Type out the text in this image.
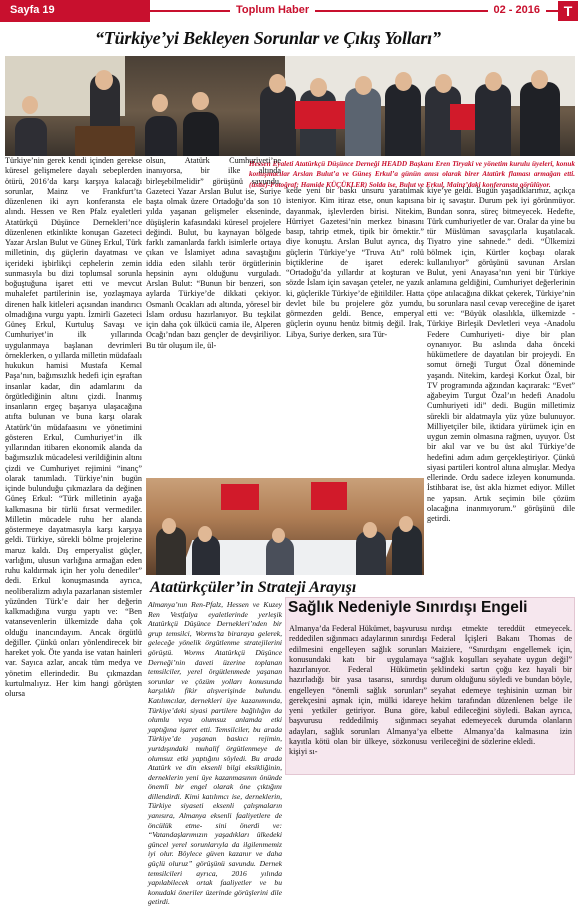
Sayfa 19	Toplum Haber	02 - 2016	T
“Türkiye’yi Bekleyen Sorunlar ve Çıkış Yolları”

Hessen Eyaleti Atatürkçü Düşünce Derneği HEADD Başkanı Eren Tiryaki ve yönetim kurulu üyeleri, konuk konuşmacılar Arslan Bulut’a ve Güneş Erkul’a günün anısı olarak birer Atatürk flaması armağan etti. (üstte)-Fotoğraf: Hamide KÜÇÜKLER) Solda ise, Bulut ve Erkul, Mainz’daki konferansta görülüyor.

Türkiye’nin gerek kendi içinden gerekse küresel gelişmelere dayalı sebeplerden ötürü, 2016’da karşı karşıya kalacağı sorunlar, Mainz ve Frankfurt’ta düzenlenen iki ayrı konferansta ele alındı. Hessen ve Ren Pfalz eyaletleri Atatürkçü Düşünce Dernekleri’nce düzenlenen etkinlikte konuşan Gazeteci Yazar Arslan Bulut ve Güneş Erkul, Türk milletinin, dış güçlerin dayatması ve içerideki işbirlikçi cephelerin zemin sunmasıyla bu dizi toplumsal sorunla boğuştuğuna işaret etti ve mevcut muhalefet partilerinin ise, yozlaşmaya direnen halk kitleleri açısından inandırıcı olmadığına vurgu yaptı. İzmirli Gazeteci Güneş Erkul, Kurtuluş Savaşı ve Cumhuriyet’in ilk yıllarında uygulanmaya başlanan devrimleri örneklerken, o yıllarda milletin müdafaalı hukukun hamisi Mustafa Kemal Paşa’nın, bağımsızlık hedefi için eşraftan insanlar kadar, din adamlarını da örgütlediğinin altını çizdi. İnanmış insanların ergeç başarıya ulaşacağına atıfta bulunan ve buna karşı olarak Atatürk’ün müdafaasını ve yönetimini gösteren Erkul, Cumhuriyet’in ilk yıllarından itibaren ekonomik alanda da bağımsızlık mücadelesi verildiğinin altını çizdi ve Cumhuriyet rejimini “inanç” olarak tanımladı. Türkiye’nin bugün içinde bulunduğu çıkmazlara da değinen Güneş Erkul: “Türk milletinin ayağa kalkmasına bir türlü fırsat vermediler. Milletin mücadele ruhu her alanda göstermeye dayatmasıyla karşı karşıya geldi. Türkiye, sürekli bölme projelerine maruz kaldı. Dış emperyalist güçler, varlığını, ulusun varlığına armağan eden ruhu kaldırmak için her yolu denediler” dedi. Erkul konuşmasında ayrıca, neoliberalizm adıyla pazarlanan sistemler yüzünden Türk’e dair her değerin kalkmadığına vurgu yaptı ve: “Ben vatansevenlerin ülkemizde daha çok olduğu inancındayım. Ancak örgütlü değiller. Çünkü onları yönlendirecek bir hareket yok. Öte yanda ise vatan hainleri var. Sayıca azlar, ancak tüm medya ve yönetim ellerindedir. Bu çıkmazdan kurtulmalıyız. Her kim hangi görüşten olursa

olsun, Atatürk Cumhuriyeti’ne inanıyorsa, bir ilke altında birleşebilmelidir” görüşünü savundu. Gazeteci Yazar Arslan Bulut ise, Suriye başta olmak üzere Ortadoğu’da son 10 yılda yaşanan gelişmeler ekseninde, düşüşlerin kafasındaki küresel projelere değindi. Bulut, bu kaynayan bölgede farklı zamanlarda farklı isimlerle ortaya çıkan ve İslamiyet adına savaştığını iddia eden silahlı terör örgütlerinin hepsinin aynı olduğunu vurguladı. Arslan Bulut: “Bunun bir benzeri, son aylarda Türkiye’de dikkati çekiyor. Osmanlı Ocakları adı altında, yöresel bir İslam ordusu hazırlanıyor. Bu teşkilat için daha çok ülkücü camia ile, Alperen Ocağı’ndan bazı gençler de devşiriliyor. Bu tür oluşum ile, ül-

kede yeni bir baskı unsuru yaratılmak isteniyor. Kim itiraz etse, onun kapısına dayanmak, işlevlerden birisi. Nitekim, Hürriyet Gazetesi’nin merkez binasını basıp, tahrip etmek, tipik bir örnektir.” diye konuştu. Arslan Bulut ayrıca, dış güçlerin Türkiye’ye “Truva Atı” rolü biçtiklerine de işaret ederek: “Ortadoğu’da yıllardır at koşturan ve sözde İslam için savaşan çeteler, ne yazık ki, güçlerikle Türkiye’de eğitildiler. Hatta devlet bile bu projelere göz yumdu, görmezden geldi. Bence, emperyal güçlerin oyunu henüz bitmiş değil. Irak, Libya, Suriye derken, sıra Tür-

kiye’ye geldi. Bugün yaşadıklarımız, açıkça bir iç savaştır. Durum pek iyi görünmüyor. Bundan sonra, süreç bitmeyecek. Hedefte, Türk cumhuriyetler de var. Oralar da yine bu tür Müslüman savaşçılarla kuşatılacak. Tiyatro yine sahnede.” dedi. “Ülkemizi bölmek için, Kürtler koçbaşı olarak kullanılıyor” görüşünü savunan Arslan Bulut, yeni Anayasa’nın yeni bir Türkiye anlamına geldiğini, Cumhuriyet değerlerinin çöpe atılacağına dikkat çekerek, Türkiye’nin bu sorunlara nasıl cevap vereceğine de işaret etti ve: “Büyük olasılıkla, ülkemizde -Türkiye Birleşik Devletleri veya -Anadolu Federe Cumhuriyeti- diye bir plan oynanıyor. Bu aslında daha önceki hükümetlere de dayatılan bir projeydi. En somut örneği Turgut Özal döneminde yaşandı. Nitekim, kardeşi Korkut Özal, bir TV programında ağzından kaçırarak: “Evet” ağabeyim Turgut Özal’ın hedefi Anadolu Cumhuriyeti idi” dedi. Bugün milletimiz sürekli bir aldatmayla yüz yüze bulunuyor. Milliyetçiler bile, iktidara yürümek için en uygun zemin olmasına rağmen, uyuyor. Üst bir akıl var ve bu üst akıl Türkiye’de hedefini adım adım gerçekleştiriyor. Çünkü siyasi partileri kontrol altına almışlar. Medya ellerinde. Ordu sadece izleyen konumunda. İstihbarat ise, üst akla hizmet ediyor. Millet ne yapsın. Artık seçimin bile çözüm olacağına inanmıyorum.” görüşünü dile getirdi.

Atatürkçüler’in Strateji Arayışı

Almanya’nın Ren-Pfalz, Hessen ve Kuzey Ren Vestfalya eyaletlerinde yerleşik Atatürkçü Düşünce Dernekleri’nden bir grup temsilci, Worms’ta biraraya gelerek, geleceğe yönelik örgütlenme stratejilerini görüştü. Worms Atatürkçü Düşünce Derneği’nin daveti üzerine toplanan temsilciler, yerel örgütlenmede yaşanan sorunlar ve çözüm yolları konusunda karşılıklı fikir alışverişinde bulundu. Katılımcılar, dernekleri üye kazanımında, Türkiye’deki siyasi partilere bağlılığın da olumlu veya olumsuz anlamda etki yaptığına işaret etti. Temsilciler, bu arada Türkiye’de yaşanan baskıcı rejimin, yurtdışındaki muhalif örgütlenmeye de olumsuz etki yaptığını söyledi. Bu arada Atatürk ve din eksenli bilgi eksikliğinin, derneklerin yeni üye kazanmasının önünde önemli bir engel olarak öne çıktığını dillendirdi. Kimi katılımcı ise, derneklerin, Türkiye siyaseti eksenli çalışmaların yanısıra, Almanya eksenli faaliyetlere de öncülük etme- sini önerdi ve: “Vatandaşlarımızın yaşadıkları ülkedeki güncel yerel sorunlarıyla da ilgilenmemiz iyi olur. Böylece güven kazanır ve daha güçlü oluruz” görüşünü savundu. Dernek temsilcileri ayrıca, 2016 yılında yapılabilecek ortak faaliyetler ve bu konudaki öneriler üzerinde görüşlerini dile getirdi.

Sağlık Nedeniyle Sınırdışı Engeli

Almanya’da Federal Hükümet, başvurusu reddedilen sığınmacı adaylarının sınırdışı edilmesini engelleyen sağlık sorunları konusundaki katı bir uygulamaya hazırlanıyor. Federal Hükümetin hazırladığı bir yasa tasarısı, sınırdışı engelleyen “önemli sağlık sorunları” gerekçesini aşmak için, mülki idareye yeni yetkiler getiriyor. Buna göre, başvurusu reddedilmiş sığınmacı adayları, sağlık sorunları Almanya’ya kayıtla kötü olan bir ülkeye, sözkonusu kişiyi sı-

nırdışı etmekte tereddüt etmeyecek. Federal İçişleri Bakanı Thomas de Maiziere, “Sınırdışını engellemek için, “sağlık koşulları seyahate uygun değil” şeklindeki sartın çoğu kez hayali bir durum olduğunu söyledi ve bundan böyle, seyahat edemeye teşhisinin uzman bir hekim tarafından düzenlenen belge ile kabul edileceğini söyledi. Bakan ayrıca, seyahat edemeyecek durumda olanların elbette Almanya’da kalmasına izin verileceğini de sözlerine ekledi.
